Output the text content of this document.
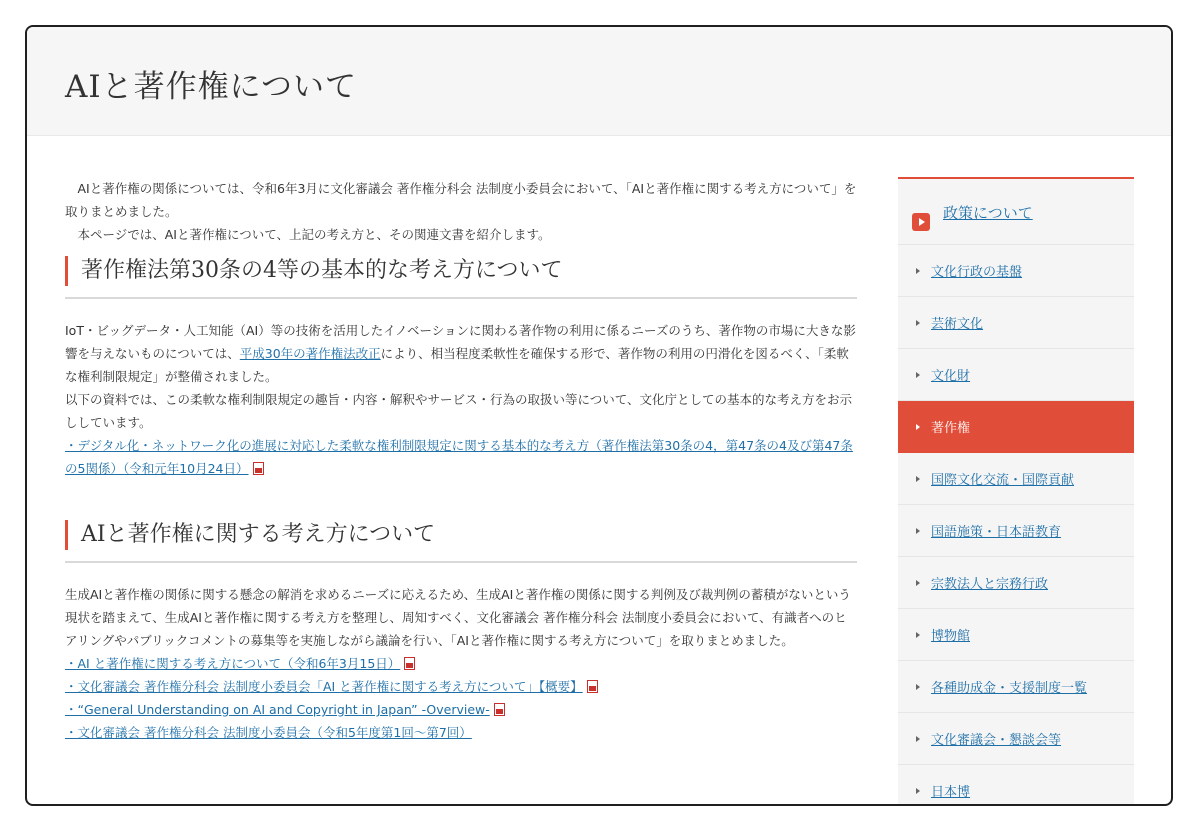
AIと著作権について

AIと著作権の関係については、令和6年3月に文化審議会 著作権分科会 法制度小委員会において、「AIと著作権に関する考え方について」を取りまとめました。

本ページでは、AIと著作権について、上記の考え方と、その関連文書を紹介します。

著作権法第30条の4等の基本的な考え方について

IoT・ビッグデータ・人工知能（AI）等の技術を活用したイノベーションに関わる著作物の利用に係るニーズのうち、著作物の市場に大きな影響を与えないものについては、平成30年の著作権法改正により、相当程度柔軟性を確保する形で、著作物の利用の円滑化を図るべく、「柔軟な権利制限規定」が整備されました。

以下の資料では、この柔軟な権利制限規定の趣旨・内容・解釈やサービス・行為の取扱い等について、文化庁としての基本的な考え方をお示ししています。

・デジタル化・ネットワーク化の進展に対応した柔軟な権利制限規定に関する基本的な考え方（著作権法第30条の4，第47条の4及び第47条の5関係）（令和元年10月24日）

AIと著作権に関する考え方について

生成AIと著作権の関係に関する懸念の解消を求めるニーズに応えるため、生成AIと著作権の関係に関する判例及び裁判例の蓄積がないという現状を踏まえて、生成AIと著作権に関する考え方を整理し、周知すべく、文化審議会 著作権分科会 法制度小委員会において、有識者へのヒアリングやパブリックコメントの募集等を実施しながら議論を行い、「AIと著作権に関する考え方について」を取りまとめました。

・AI と著作権に関する考え方について（令和6年3月15日）

・文化審議会 著作権分科会 法制度小委員会「AI と著作権に関する考え方について」【概要】

・“General Understanding on AI and Copyright in Japan” -Overview-

・文化審議会 著作権分科会 法制度小委員会（令和5年度第1回～第7回）

政策について
文化行政の基盤
芸術文化
文化財
著作権
国際文化交流・国際貢献
国語施策・日本語教育
宗教法人と宗務行政
博物館
各種助成金・支援制度一覧
文化審議会・懇談会等
日本博
